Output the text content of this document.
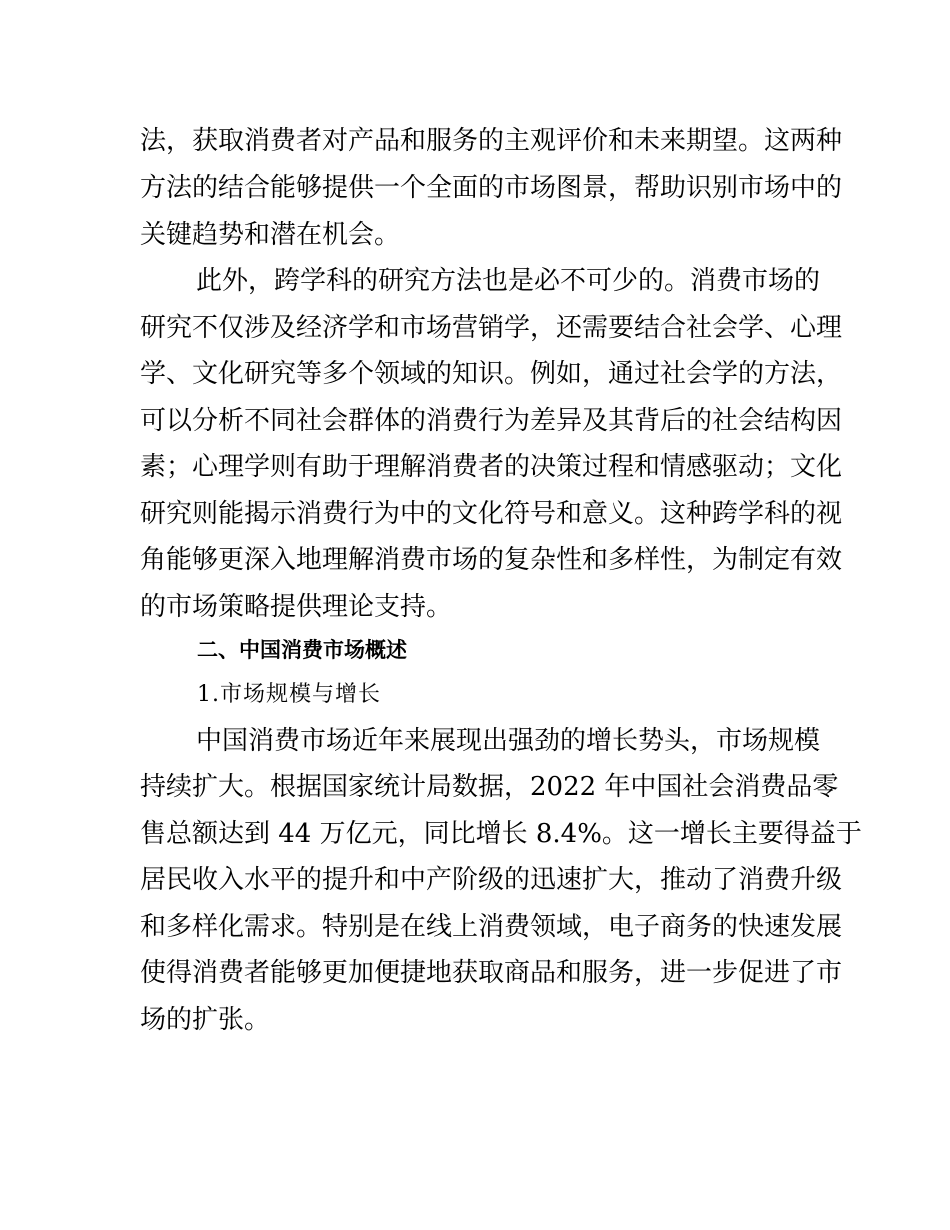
法，获取消费者对产品和服务的主观评价和未来期望。这两种
方法的结合能够提供一个全面的市场图景，帮助识别市场中的
关键趋势和潜在机会。
此外，跨学科的研究方法也是必不可少的。消费市场的
研究不仅涉及经济学和市场营销学，还需要结合社会学、心理
学、文化研究等多个领域的知识。例如，通过社会学的方法，
可以分析不同社会群体的消费行为差异及其背后的社会结构因
素；心理学则有助于理解消费者的决策过程和情感驱动；文化
研究则能揭示消费行为中的文化符号和意义。这种跨学科的视
角能够更深入地理解消费市场的复杂性和多样性，为制定有效
的市场策略提供理论支持。
二、中国消费市场概述
1.市场规模与增长
中国消费市场近年来展现出强劲的增长势头，市场规模
持续扩大。根据国家统计局数据，2022 年中国社会消费品零
售总额达到 44 万亿元，同比增长 8.4%。这一增长主要得益于
居民收入水平的提升和中产阶级的迅速扩大，推动了消费升级
和多样化需求。特别是在线上消费领域，电子商务的快速发展
使得消费者能够更加便捷地获取商品和服务，进一步促进了市
场的扩张。
